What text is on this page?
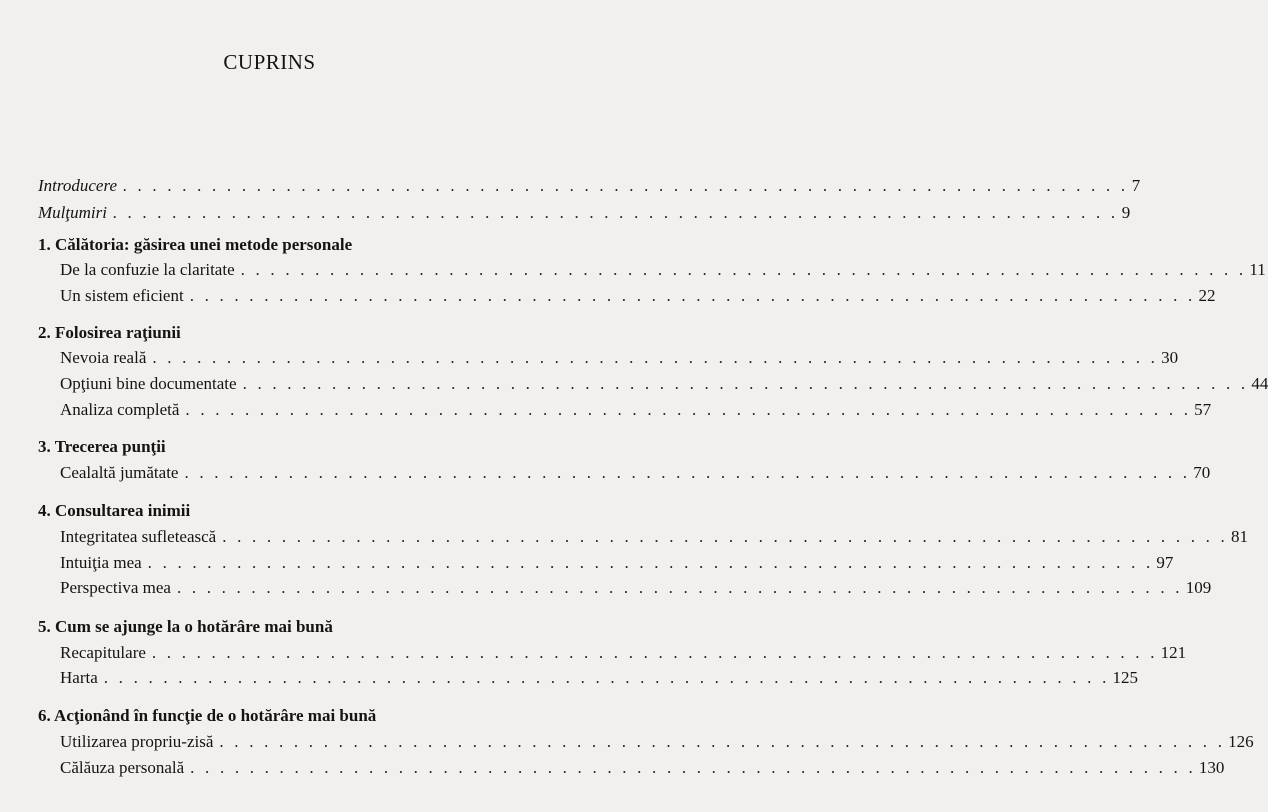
CUPRINS
Introducere . . . . . . . . . . . . . . . . . . . . . . . . . . . . . . . . . . . . . . . . . . . . . . . . . . . . . . . . . . . . . . . . . . . . 7
Mulţumiri . . . . . . . . . . . . . . . . . . . . . . . . . . . . . . . . . . . . . . . . . . . . . . . . . . . . . . . . . . . . . . . . . . . . 9
1. Călătoria: găsirea unei metode personale
De la confuzie la claritate . . . . . . . . . . . . . . . . . . . . . . . . . . . . . . . . . . . . . . . . . . . . . . . . . . . . . . . . . . . . . . . . . . . . 11
Un sistem eficient . . . . . . . . . . . . . . . . . . . . . . . . . . . . . . . . . . . . . . . . . . . . . . . . . . . . . . . . . . . . . . . . . . . . 22
2. Folosirea raţiunii
Nevoia reală . . . . . . . . . . . . . . . . . . . . . . . . . . . . . . . . . . . . . . . . . . . . . . . . . . . . . . . . . . . . . . . . . . . . 30
Opţiuni bine documentate . . . . . . . . . . . . . . . . . . . . . . . . . . . . . . . . . . . . . . . . . . . . . . . . . . . . . . . . . . . . . . . . . . . . 44
Analiza completă . . . . . . . . . . . . . . . . . . . . . . . . . . . . . . . . . . . . . . . . . . . . . . . . . . . . . . . . . . . . . . . . . . . . 57
3. Trecerea punţii
Cealaltă jumătate . . . . . . . . . . . . . . . . . . . . . . . . . . . . . . . . . . . . . . . . . . . . . . . . . . . . . . . . . . . . . . . . . . . . 70
4. Consultarea inimii
Integritatea sufletească . . . . . . . . . . . . . . . . . . . . . . . . . . . . . . . . . . . . . . . . . . . . . . . . . . . . . . . . . . . . . . . . . . . . 81
Intuiţia mea . . . . . . . . . . . . . . . . . . . . . . . . . . . . . . . . . . . . . . . . . . . . . . . . . . . . . . . . . . . . . . . . . . . . 97
Perspectiva mea . . . . . . . . . . . . . . . . . . . . . . . . . . . . . . . . . . . . . . . . . . . . . . . . . . . . . . . . . . . . . . . . . . . . 109
5. Cum se ajunge la o hotărâre mai bună
Recapitulare . . . . . . . . . . . . . . . . . . . . . . . . . . . . . . . . . . . . . . . . . . . . . . . . . . . . . . . . . . . . . . . . . . . . 121
Harta . . . . . . . . . . . . . . . . . . . . . . . . . . . . . . . . . . . . . . . . . . . . . . . . . . . . . . . . . . . . . . . . . . . . 125
6. Acţionând în funcţie de o hotărâre mai bună
Utilizarea propriu-zisă . . . . . . . . . . . . . . . . . . . . . . . . . . . . . . . . . . . . . . . . . . . . . . . . . . . . . . . . . . . . . . . . . . . . 126
Călăuza personală . . . . . . . . . . . . . . . . . . . . . . . . . . . . . . . . . . . . . . . . . . . . . . . . . . . . . . . . . . . . . . . . . . . . 130
